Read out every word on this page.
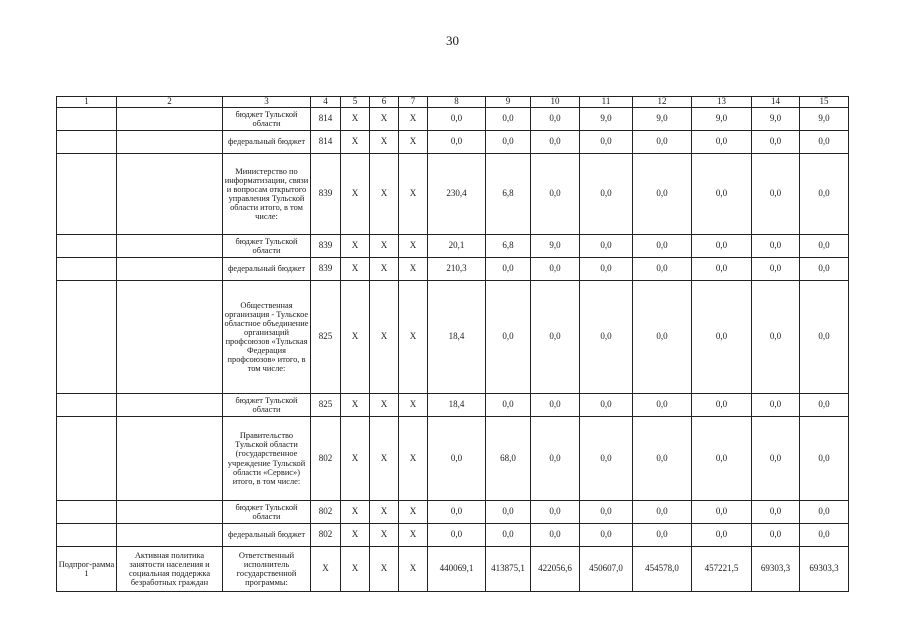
30
1	2	3	4	5	6	7	8	9	10	11	12	13	14	15
		бюджет Тульской области	814	X	X	X	0,0	0,0	0,0	9,0	9,0	9,0	9,0	9,0
		федеральный бюджет	814	X	X	X	0,0	0,0	0,0	0,0	0,0	0,0	0,0	0,0
		Министерство по информатизации, связи и вопросам открытого управления Тульской области итого, в том числе:	839	X	X	X	230,4	6,8	0,0	0,0	0,0	0,0	0,0	0,0
		бюджет Тульской области	839	X	X	X	20,1	6,8	9,0	0,0	0,0	0,0	0,0	0,0
		федеральный бюджет	839	X	X	X	210,3	0,0	0,0	0,0	0,0	0,0	0,0	0,0
		Общественная организация - Тульское областное объединение организаций профсоюзов «Тульская Федерация профсоюзов» итого, в том числе:	825	X	X	X	18,4	0,0	0,0	0,0	0,0	0,0	0,0	0,0
		бюджет Тульской области	825	X	X	X	18,4	0,0	0,0	0,0	0,0	0,0	0,0	0,0
		Правительство Тульской области (государственное учреждение Тульской области «Сервис») итого, в том числе:	802	X	X	X	0,0	68,0	0,0	0,0	0,0	0,0	0,0	0,0
		бюджет Тульской области	802	X	X	X	0,0	0,0	0,0	0,0	0,0	0,0	0,0	0,0
		федеральный бюджет	802	X	X	X	0,0	0,0	0,0	0,0	0,0	0,0	0,0	0,0
Подпрог-рамма 1	Активная политика занятости населения и социальная поддержка безработных граждан	Ответственный исполнитель государственной программы:	X	X	X	X	440069,1	413875,1	422056,6	450607,0	454578,0	457221,5	69303,3	69303,3
